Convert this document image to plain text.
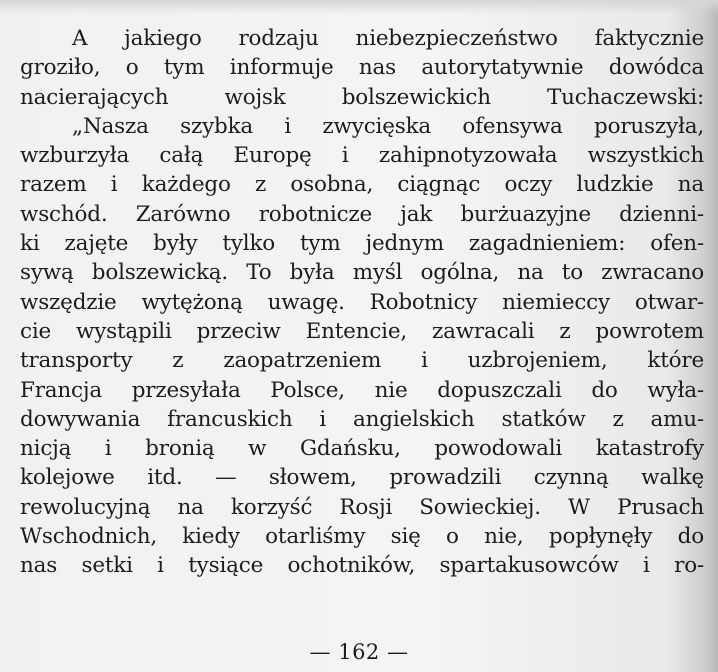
A jakiego rodzaju niebezpieczeństwo faktycznie
groziło, o tym informuje nas autorytatywnie dowódca
nacierających wojsk bolszewickich Tuchaczewski:
„Nasza szybka i zwycięska ofensywa poruszyła,
wzburzyła całą Europę i zahipnotyzowała wszystkich
razem i każdego z osobna, ciągnąc oczy ludzkie na
wschód. Zarówno robotnicze jak burżuazyjne dzienni-
ki zajęte były tylko tym jednym zagadnieniem: ofen-
sywą bolszewicką. To była myśl ogólna, na to zwracano
wszędzie wytężoną uwagę. Robotnicy niemieccy otwar-
cie wystąpili przeciw Entencie, zawracali z powrotem
transporty z zaopatrzeniem i uzbrojeniem, które
Francja przesyłała Polsce, nie dopuszczali do wyła-
dowywania francuskich i angielskich statków z amu-
nicją i bronią w Gdańsku, powodowali katastrofy
kolejowe itd. — słowem, prowadzili czynną walkę
rewolucyjną na korzyść Rosji Sowieckiej. W Prusach
Wschodnich, kiedy otarliśmy się o nie, popłynęły do
nas setki i tysiące ochotników, spartakusowców i ro-
— 162 —
